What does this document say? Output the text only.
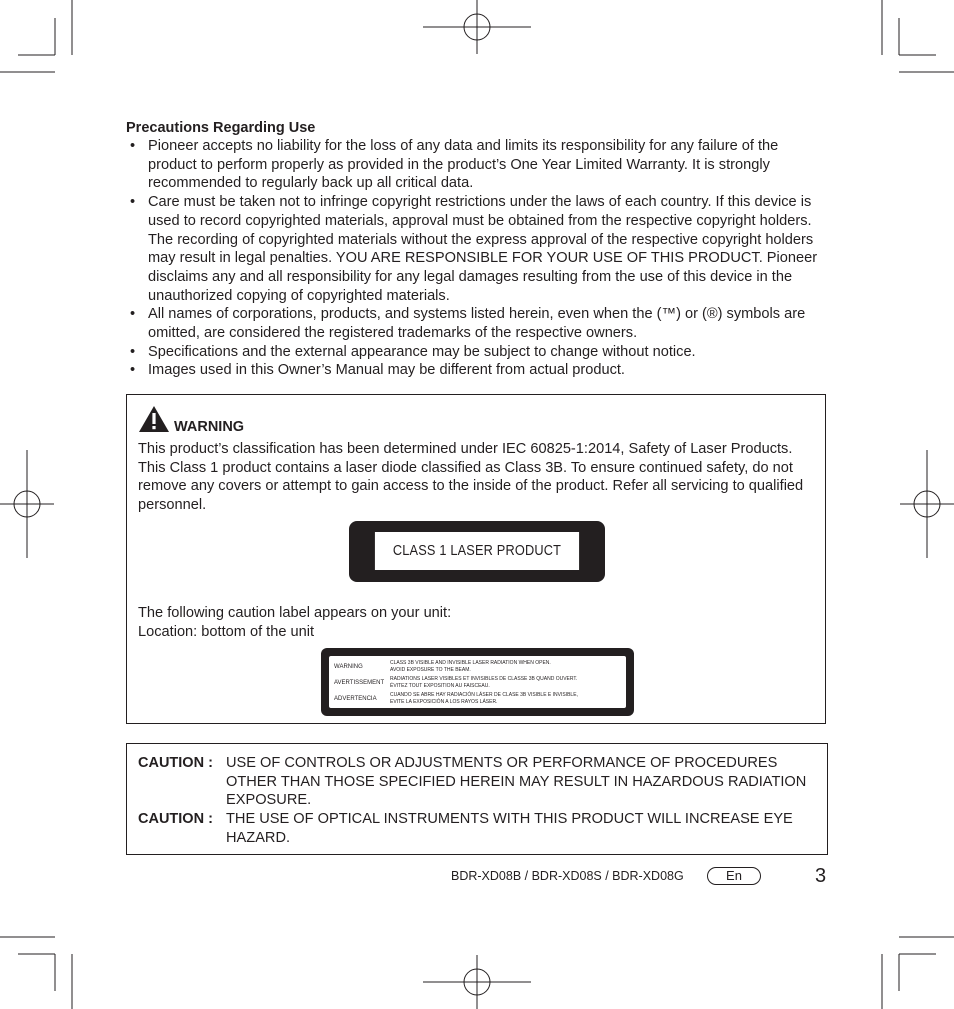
Precautions Regarding Use
• Pioneer accepts no liability for the loss of any data and limits its responsibility for any failure of the product to perform properly as provided in the product’s One Year Limited Warranty. It is strongly recommended to regularly back up all critical data.
• Care must be taken not to infringe copyright restrictions under the laws of each country. If this device is used to record copyrighted materials, approval must be obtained from the respective copyright holders. The recording of copyrighted materials without the express approval of the respective copyright holders may result in legal penalties. YOU ARE RESPONSIBLE FOR YOUR USE OF THIS PRODUCT. Pioneer disclaims any and all responsibility for any legal damages resulting from the use of this device in the unauthorized copying of copyrighted materials.
• All names of corporations, products, and systems listed herein, even when the (™) or (®) symbols are omitted, are considered the registered trademarks of the respective owners.
• Specifications and the external appearance may be subject to change without notice.
• Images used in this Owner’s Manual may be different from actual product.
WARNING

This product’s classification has been determined under IEC 60825-1:2014, Safety of Laser Products. This Class 1 product contains a laser diode classified as Class 3B. To ensure continued safety, do not remove any covers or attempt to gain access to the inside of the product. Refer all servicing to qualified personnel.

CLASS 1 LASER PRODUCT

The following caution label appears on your unit:
Location: bottom of the unit

WARNING
CLASS 3B VISIBLE AND INVISIBLE LASER RADIATION WHEN OPEN.
AVOID EXPOSURE TO THE BEAM.
AVERTISSEMENT
RADIATIONS LASER VISIBLES ET INVISIBLES DE CLASSE 3B QUAND OUVERT.
ÉVITEZ TOUT EXPOSITION AU FAISCEAU.
ADVERTENCIA
CUANDO SE ABRE HAY RADIACIÓN LÁSER DE CLASE 3B VISIBLE E INVISIBLE,
EVITE LA EXPOSICIÓN A LOS RAYOS LÁSER.
CAUTION : USE OF CONTROLS OR ADJUSTMENTS OR PERFORMANCE OF PROCEDURES OTHER THAN THOSE SPECIFIED HEREIN MAY RESULT IN HAZARDOUS RADIATION EXPOSURE.

CAUTION : THE USE OF OPTICAL INSTRUMENTS WITH THIS PRODUCT WILL INCREASE EYE HAZARD.

BDR-XD08B / BDR-XD08S / BDR-XD08G	En	3
